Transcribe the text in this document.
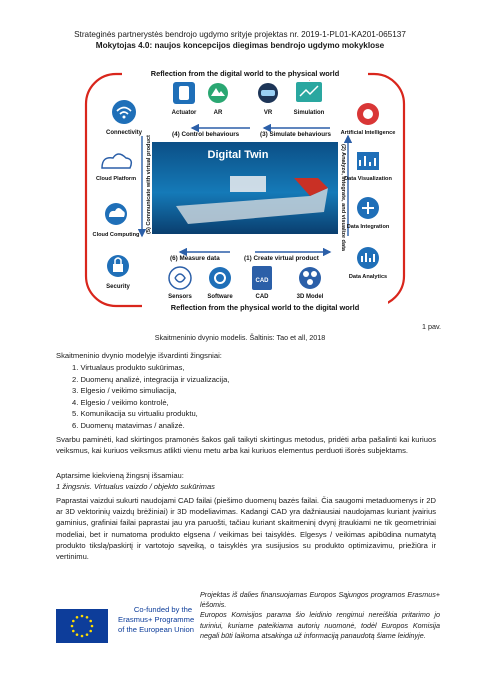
Strateginės partnerystės bendrojo ugdymo srityje projektas nr. 2019-1-PL01-KA201-065137
Mokytojas 4.0: naujos koncepcijos diegimas bendrojo ugdymo mokyklose
Reflection from the digital world to the physical world
Reflection from the physical world to the digital world
Digital Twin
(4) Control behaviours	(3) Simulate behaviours
(6) Measure data	(1) Create virtual product
(2) Analyze, Integrate, and visualize data
(5) Communicate with virtual product
Actuator	AR	VR	Simulation
Artificial Intelligence
Data Visualization
Data Integration
Data Analytics
3D Model
CAD
CAD
Software
Sensors
Security
Cloud Computing
Cloud Platform
Connectivity
1 pav.
Skaitmeninio dvynio modelis. Šaltinis: Tao et all, 2018
Skaitmeninio dvynio modelyje išvardinti žingsniai:
1. Virtualaus produkto sukūrimas,
2. Duomenų analizė, integracija ir vizualizacija,
3. Elgesio / veikimo simuliacija,
4. Elgesio / veikimo kontrolė,
5. Komunikacija su virtualiu produktu,
6. Duomenų matavimas / analizė.
Svarbu paminėti, kad skirtingos pramonės šakos gali taikyti skirtingus metodus, pridėti arba pašalinti kai kuriuos veiksmus, kai kuriuos veiksmus atlikti vienu metu arba kai kuriuos elementus perduoti išorės subjektams.
Aptarsime kiekvieną žingsnį išsamiau:
1 žingsnis. Virtualus vaizdo / objekto sukūrimas
Paprastai vaizdui sukurti naudojami CAD failai (piešimo duomenų bazės failai. Čia saugomi metaduomenys ir 2D ar 3D vektorinių vaizdų brėžiniai) ir 3D modeliavimas. Kadangi CAD yra dažniausiai naudojamas kuriant įvairius gaminius, grafiniai failai paprastai jau yra paruošti, tačiau kuriant skaitmeninį dvynį įtraukiami ne tik geometriniai modeliai, bet ir numatoma produkto elgsena / veikimas bei taisyklės. Elgesys / veikimas apibūdina numatytą produkto tikslą/paskirtį ir vartotojo sąveiką, o taisyklės yra susijusios su produkto optimizavimu, priežiūra ir vertinimu.
Co-funded by the
Erasmus+ Programme
of the European Union
Projektas iš dalies finansuojamas Europos Sąjungos programos Erasmus+ lėšomis.
Europos Komisijos parama šio leidinio rengimui nereiškia pritarimo jo turiniui, kuriame pateikiama autorių nuomonė, todėl Europos Komisija negali būti laikoma atsakinga už informaciją panaudotą šiame leidinyje.
